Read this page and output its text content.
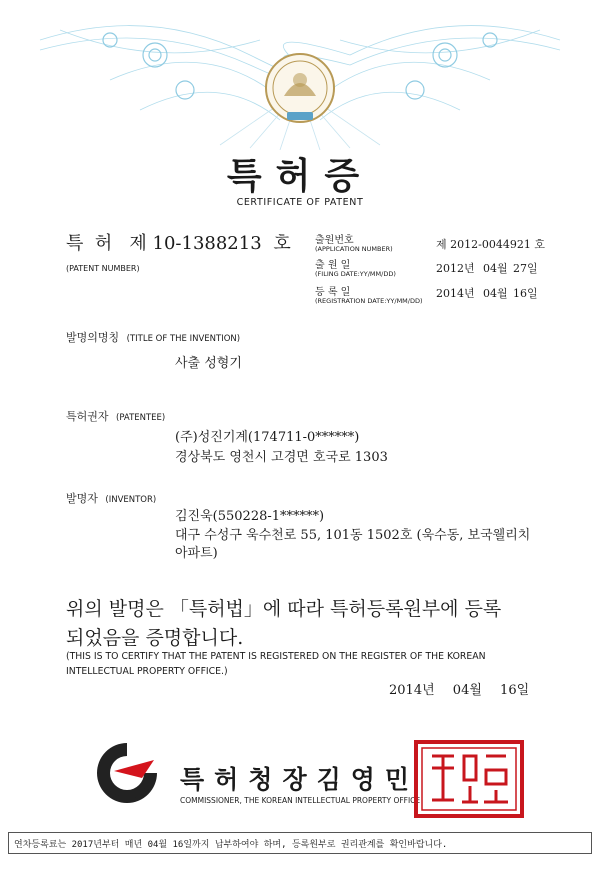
특허증
CERTIFICATE OF PATENT
특  허   제 10-1388213 호
(PATENT NUMBER)
출원번호
(APPLICATION NUMBER)	제 2012-0044921 호
출 원 일
(FILING DATE:YY/MM/DD)	2012년 04월 27일
등 록 일
(REGISTRATION DATE:YY/MM/DD)
2014년 04월 16일
발명의명칭 (TITLE OF THE INVENTION)
사출 성형기
특허권자 (PATENTEE)
(주)성진기계(174711-0******)
경상북도 영천시 고경면 호국로 1303
발명자 (INVENTOR)
김진욱(550228-1******)
대구 수성구 욱수천로 55, 101동 1502호 (욱수동, 보국웰리치
아파트)
위의 발명은 「특허법」에 따라 특허등록원부에 등록
되었음을 증명합니다.
(THIS IS TO CERTIFY THAT THE PATENT IS REGISTERED ON THE REGISTER OF THE KOREAN
INTELLECTUAL PROPERTY OFFICE.)
2014년 04월 16일
특허청장김영민
COMMISSIONER, THE KOREAN INTELLECTUAL PROPERTY OFFICE
연차등록료는 2017년부터 매년 04월 16일까지 납부하여야 하며, 등록원부로 권리관계를 확인바랍니다.
